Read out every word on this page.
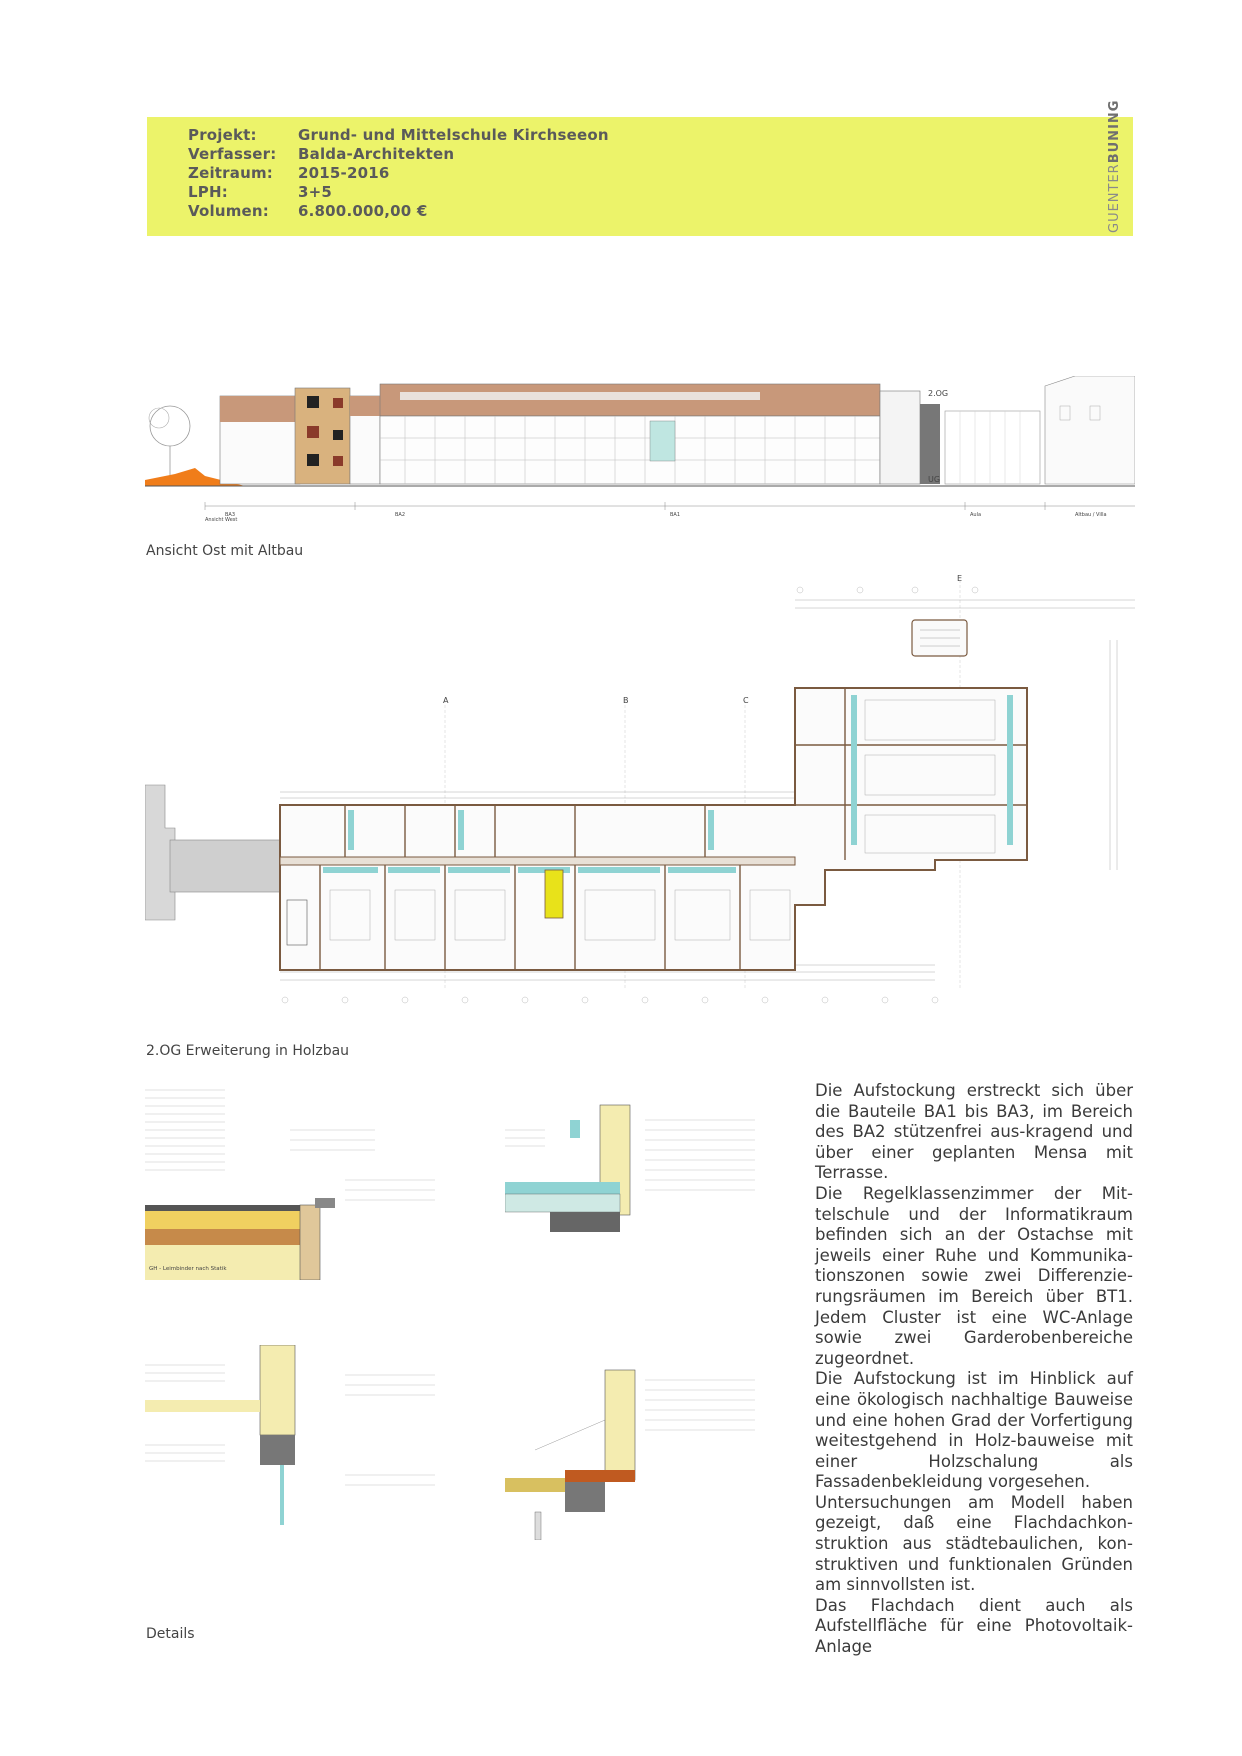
Projekt:	Grund- und Mittelschule Kirchseeon
Verfasser:	Balda-Architekten
Zeitraum:	2015-2016
LPH:	3+5
Volumen:	6.800.000,00 €	GUENTERBUNING
2.OG
UG
BA3	BA2	BA1	Aula	Altbau / Villa
Ansicht West
Ansicht Ost mit Altbau
A	B	C
E
2.OG Erweiterung in Holzbau
GH - Leimbinder nach Statik
Details

Die Aufstockung erstreckt sich über die Bauteile BA1 bis BA3, im Bereich des BA2 stützenfrei aus-kragend und über einer geplanten Mensa mit Terrasse.

Die Regelklassenzimmer der Mit-telschule und der Informatikraum befinden sich an der Ostachse mit jeweils einer Ruhe und Kommunika-tionszonen sowie zwei Differenzie-rungsräumen im Bereich über BT1. Jedem Cluster ist eine WC-Anlage sowie zwei Garderobenbereiche zugeordnet.

Die Aufstockung ist im Hinblick auf eine ökologisch nachhaltige Bauweise und eine hohen Grad der Vorfertigung weitestgehend in Holz-bauweise mit einer Holzschalung als Fassadenbekleidung vorgesehen.

Untersuchungen am Modell haben gezeigt, daß eine Flachdachkon-struktion aus städtebaulichen, kon-struktiven und funktionalen Gründen am sinnvollsten ist.

Das Flachdach dient auch als Aufstellfläche für eine Photovoltaik-Anlage
